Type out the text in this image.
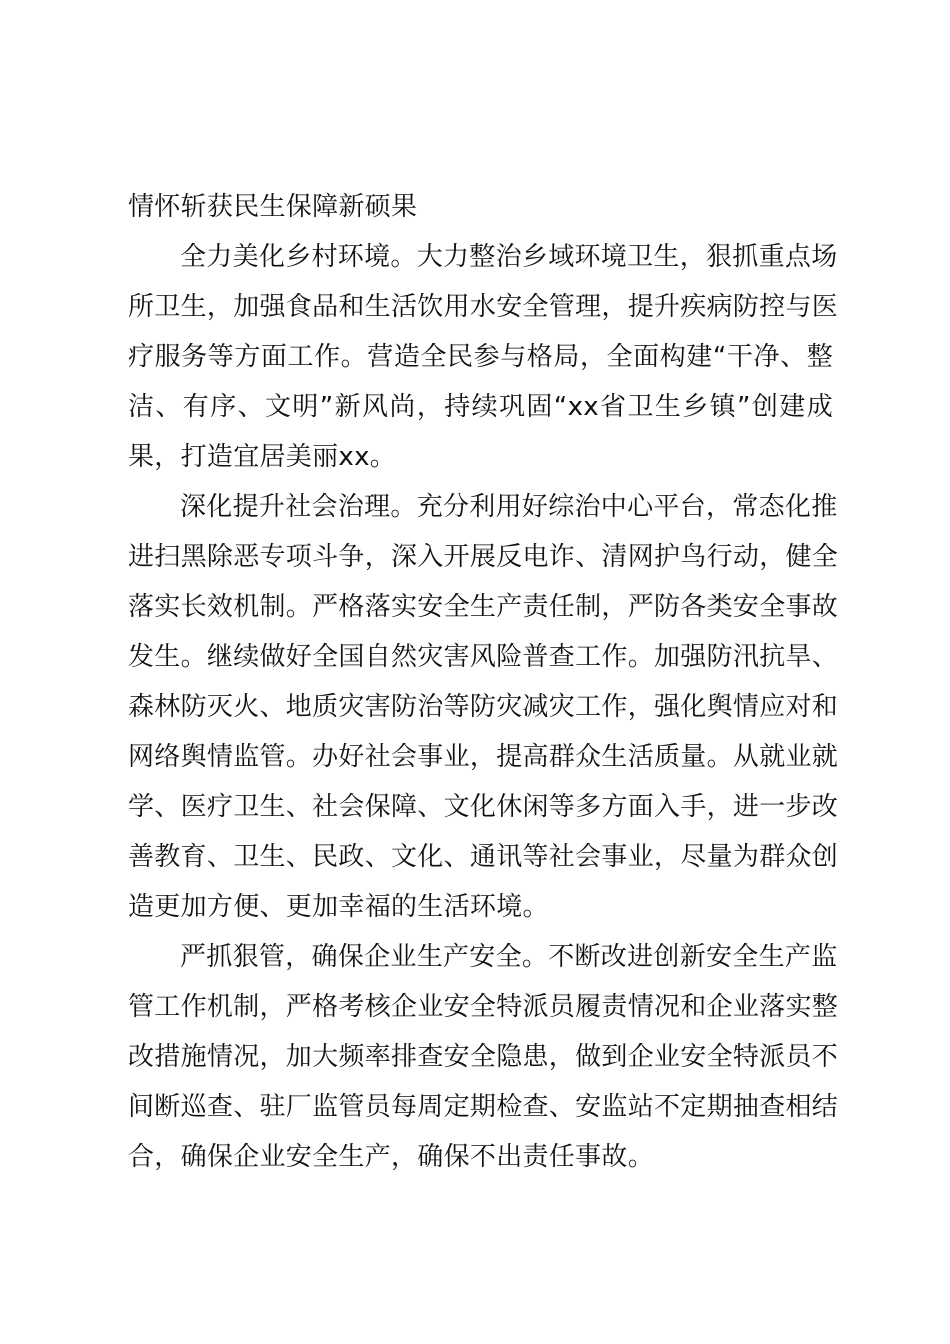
情怀斩获民生保障新硕果
全力美化乡村环境。大力整治乡域环境卫生，狠抓重点场
所卫生，加强食品和生活饮用水安全管理，提升疾病防控与医
疗服务等方面工作。营造全民参与格局，全面构建“干净、整
洁、有序、文明”新风尚，持续巩固“xx省卫生乡镇”创建成
果，打造宜居美丽xx。
深化提升社会治理。充分利用好综治中心平台，常态化推
进扫黑除恶专项斗争，深入开展反电诈、清网护鸟行动，健全
落实长效机制。严格落实安全生产责任制，严防各类安全事故
发生。继续做好全国自然灾害风险普查工作。加强防汛抗旱、
森林防灭火、地质灾害防治等防灾减灾工作，强化舆情应对和
网络舆情监管。办好社会事业，提高群众生活质量。从就业就
学、医疗卫生、社会保障、文化休闲等多方面入手，进一步改
善教育、卫生、民政、文化、通讯等社会事业，尽量为群众创
造更加方便、更加幸福的生活环境。
严抓狠管，确保企业生产安全。不断改进创新安全生产监
管工作机制，严格考核企业安全特派员履责情况和企业落实整
改措施情况，加大频率排查安全隐患，做到企业安全特派员不
间断巡查、驻厂监管员每周定期检查、安监站不定期抽查相结
合，确保企业安全生产，确保不出责任事故。
